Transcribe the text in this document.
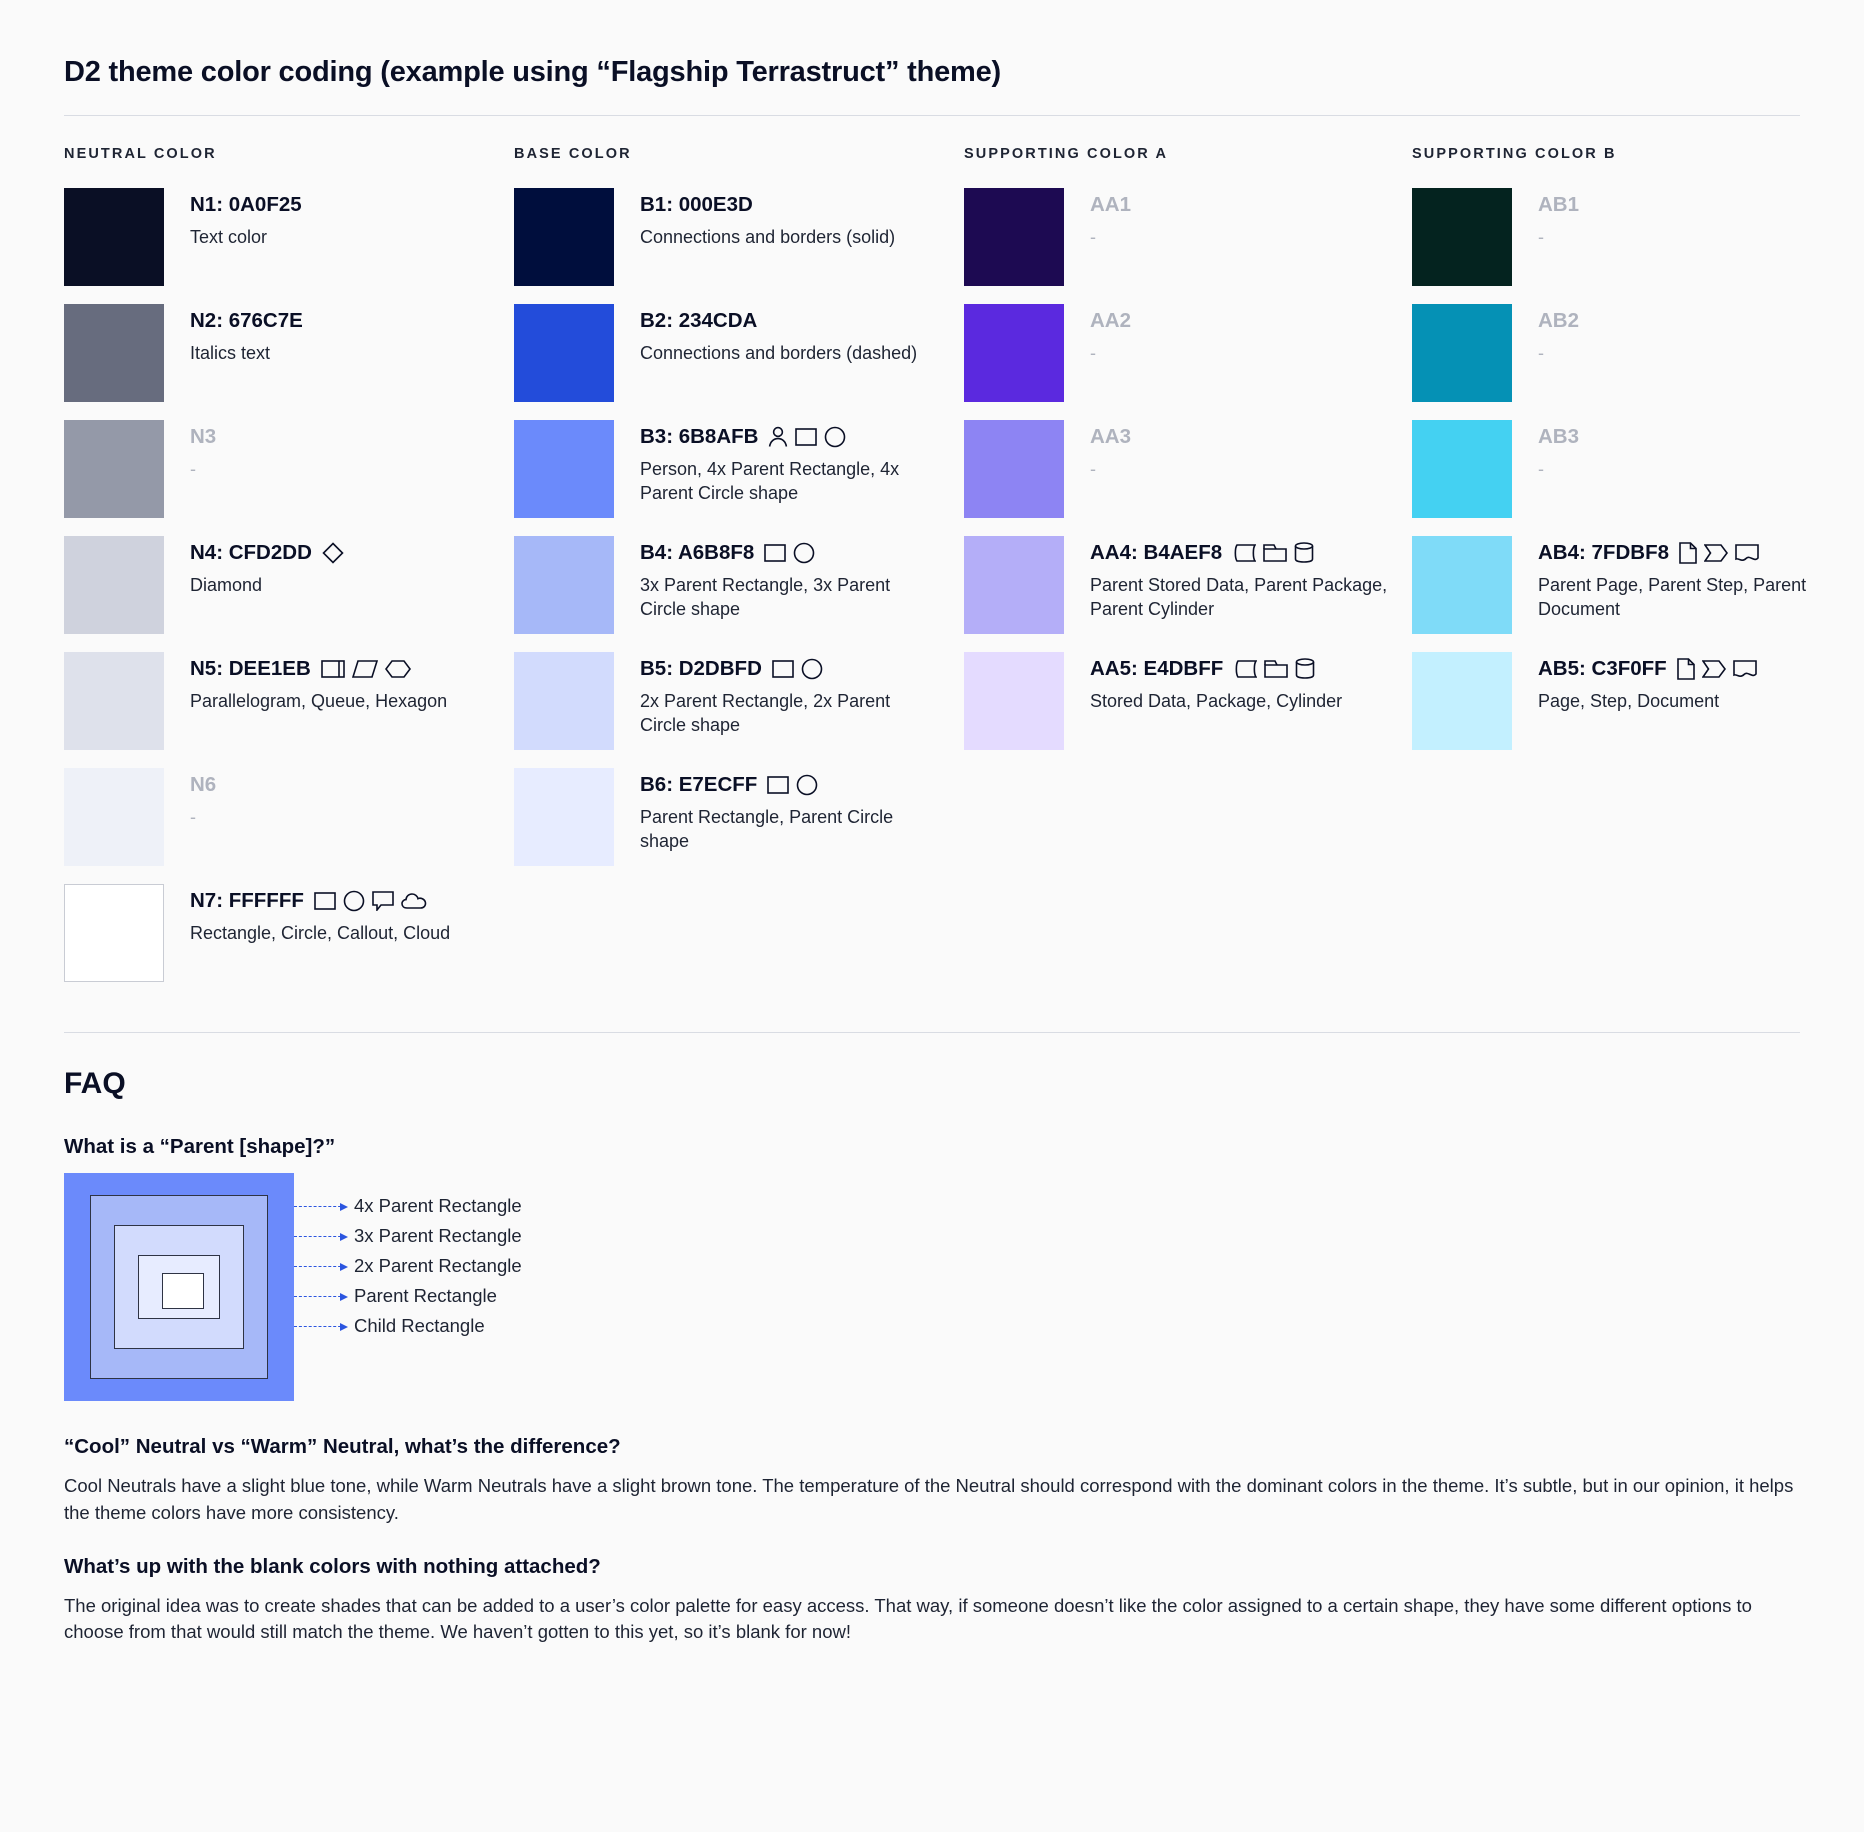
D2 theme color coding (example using “Flagship Terrastruct” theme)
NEUTRAL COLOR
N1: 0A0F25
Text color
N2: 676C7E
Italics text
N3
-
N4: CFD2DD
Diamond
N5: DEE1EB
Parallelogram, Queue, Hexagon
N6
-
N7: FFFFFF
Rectangle, Circle, Callout, Cloud
BASE COLOR
B1: 000E3D
Connections and borders (solid)
B2: 234CDA
Connections and borders (dashed)
B3: 6B8AFB
Person, 4x Parent Rectangle, 4x Parent Circle shape
B4: A6B8F8
3x Parent Rectangle, 3x Parent Circle shape
B5: D2DBFD
2x Parent Rectangle, 2x Parent Circle shape
B6: E7ECFF
Parent Rectangle, Parent Circle shape
SUPPORTING COLOR A
AA1
-
AA2
-
AA3
-
AA4: B4AEF8
Parent Stored Data, Parent Package, Parent Cylinder
AA5: E4DBFF
Stored Data, Package, Cylinder
SUPPORTING COLOR B
AB1
-
AB2
-
AB3
-
AB4: 7FDBF8
Parent Page, Parent Step, Parent Document
AB5: C3F0FF
Page, Step, Document
FAQ
What is a “Parent [shape]?”
4x Parent Rectangle
3x Parent Rectangle
2x Parent Rectangle
Parent Rectangle
Child Rectangle
“Cool” Neutral vs “Warm” Neutral, what’s the difference?

Cool Neutrals have a slight blue tone, while Warm Neutrals have a slight brown tone. The temperature of the Neutral should correspond with the dominant colors in the theme. It’s subtle, but in our opinion, it helps the theme colors have more consistency.

What’s up with the blank colors with nothing attached?

The original idea was to create shades that can be added to a user’s color palette for easy access. That way, if someone doesn’t like the color assigned to a certain shape, they have some different options to choose from that would still match the theme. We haven’t gotten to this yet, so it’s blank for now!
